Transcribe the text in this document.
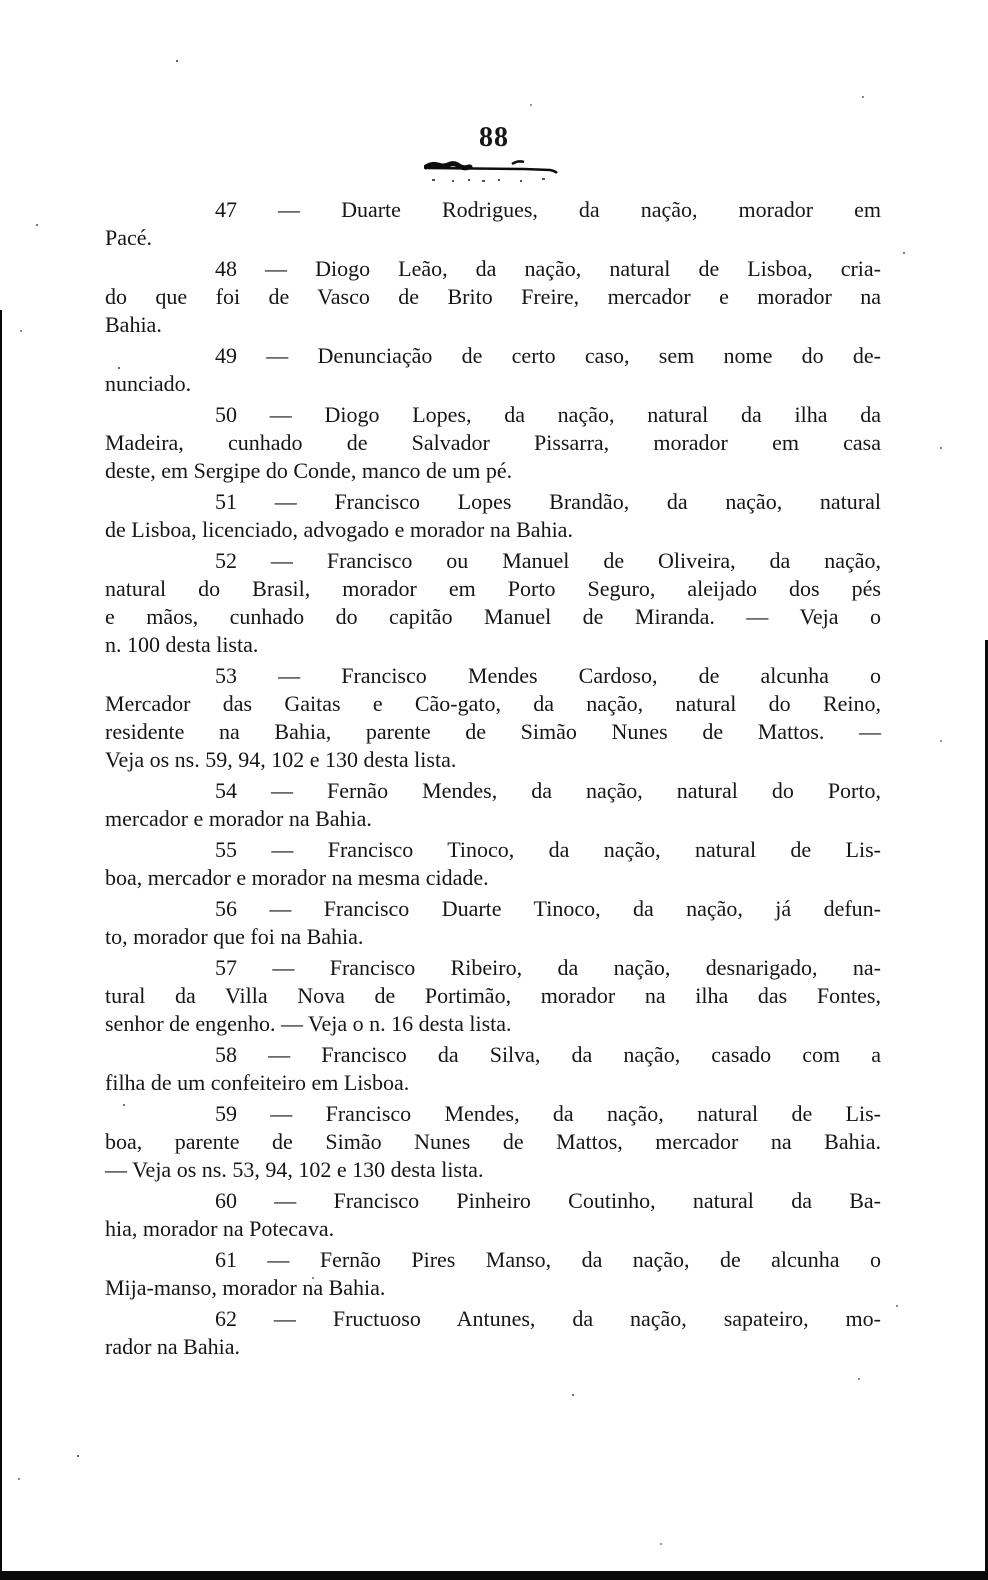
88

47 — Duarte Rodrigues, da nação, morador em
Pacé.

48 — Diogo Leão, da nação, natural de Lisboa, cria-
do que foi de Vasco de Brito Freire, mercador e morador na
Bahia.

49 — Denunciação de certo caso, sem nome do de-
nunciado.

50 — Diogo Lopes, da nação, natural da ilha da
Madeira, cunhado de Salvador Pissarra, morador em casa
deste, em Sergipe do Conde, manco de um pé.

51 — Francisco Lopes Brandão, da nação, natural
de Lisboa, licenciado, advogado e morador na Bahia.

52 — Francisco ou Manuel de Oliveira, da nação,
natural do Brasil, morador em Porto Seguro, aleijado dos pés
e mãos, cunhado do capitão Manuel de Miranda. — Veja o
n. 100 desta lista.

53 — Francisco Mendes Cardoso, de alcunha o
Mercador das Gaitas e Cão-gato, da nação, natural do Reino,
residente na Bahia, parente de Simão Nunes de Mattos. —
Veja os ns. 59, 94, 102 e 130 desta lista.

54 — Fernão Mendes, da nação, natural do Porto,
mercador e morador na Bahia.

55 — Francisco Tinoco, da nação, natural de Lis-
boa, mercador e morador na mesma cidade.

56 — Francisco Duarte Tinoco, da nação, já defun-
to, morador que foi na Bahia.

57 — Francisco Ribeiro, da nação, desnarigado, na-
tural da Villa Nova de Portimão, morador na ilha das Fontes,
senhor de engenho. — Veja o n. 16 desta lista.

58 — Francisco da Silva, da nação, casado com a
filha de um confeiteiro em Lisboa.

59 — Francisco Mendes, da nação, natural de Lis-
boa, parente de Simão Nunes de Mattos, mercador na Bahia.
— Veja os ns. 53, 94, 102 e 130 desta lista.

60 — Francisco Pinheiro Coutinho, natural da Ba-
hia, morador na Potecava.

61 — Fernão Pires Manso, da nação, de alcunha o
Mija-manso, morador na Bahia.

62 — Fructuoso Antunes, da nação, sapateiro, mo-
rador na Bahia.
